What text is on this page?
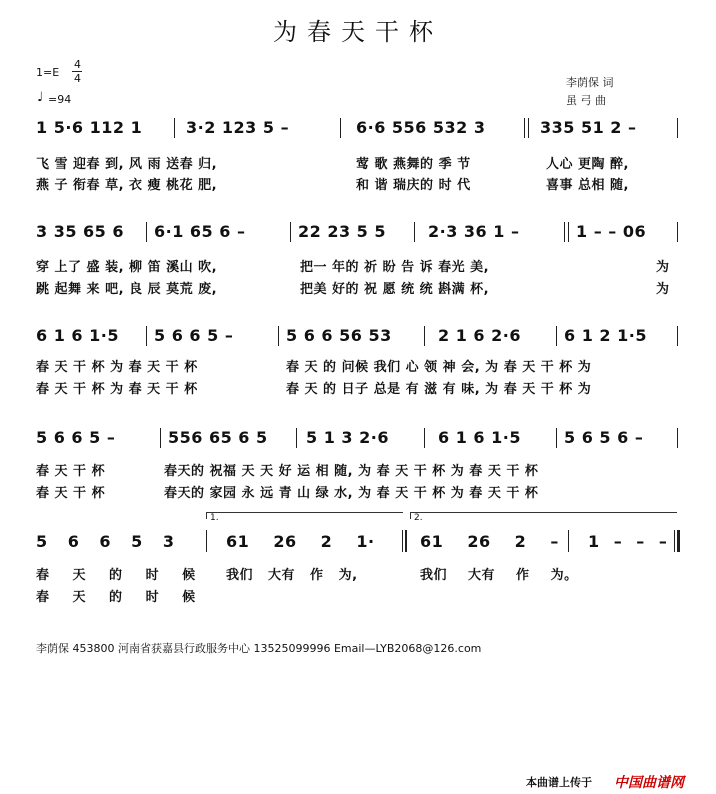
为春天干杯
1=E
4
4
♩ =94
李荫保 词
虽 弓 曲
1 5·6 112 1	3·2 123 5 –	6·6 556 532 3	335 51 2 –
飞 雪 迎春 到, 风 雨 送春 归,	莺 歌 燕舞的 季 节	人心 更陶 醉,
燕 子 衔春 草, 衣 瘦 桃花 肥,	和 谐 瑞庆的 时 代	喜事 总相 随,
3 35 65 6 6·1 65 6 –	22 23 5 5	2·3 36 1 –	1 – – 06
穿 上了 盛 装, 柳 笛 溪山 吹,	把一 年的 祈 盼 告 诉 春光 美,	为
跳 起舞 来 吧, 良 辰 莫荒 废,	把美 好的 祝 愿 统 统 斟满 杯,	为
6 1 6 1·5 5 6 6 5 –	5 6 6 56 53	2 1 6 2·6	6 1 2 1·5
春 天 干 杯 为 春 天 干 杯	春 天 的 问候 我们 心 领 神 会, 为 春 天 干 杯 为
春 天 干 杯 为 春 天 干 杯	春 天 的 日子 总是 有 滋 有 味, 为 春 天 干 杯 为
5 6 6 5 –	556 65 6 5 5 1 3 2·6	6 1 6 1·5	5 6 5 6 –
春 天 干 杯	春天的 祝福 天 天 好 运 相 随, 为 春 天 干 杯 为 春 天 干 杯
春 天 干 杯	春天的 家园 永 远 青 山 绿 水, 为 春 天 干 杯 为 春 天 干 杯
1.	2.
5 6 6 5 3	61 26 2 1·	61 26 2 – 1 – – –
春 天 的 时 候 我们 大有 作 为,	我们 大有 作 为。
春 天 的 时 候
李荫保 453800 河南省获嘉县行政服务中心 13525099996 Email—LYB2068@126.com
本曲谱上传于 中国曲谱网
